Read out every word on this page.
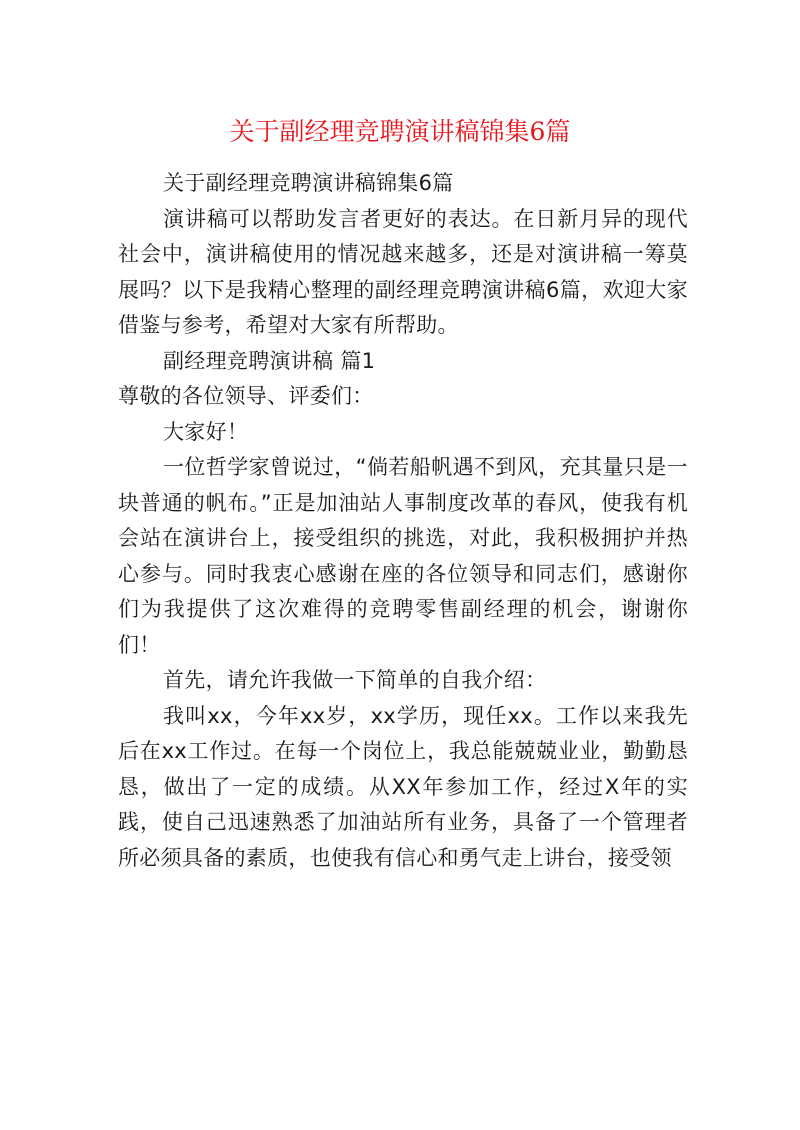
关于副经理竞聘演讲稿锦集6篇

关于副经理竞聘演讲稿锦集6篇

演讲稿可以帮助发言者更好的表达。在日新月异的现代社会中，演讲稿使用的情况越来越多，还是对演讲稿一筹莫展吗？以下是我精心整理的副经理竞聘演讲稿6篇，欢迎大家借鉴与参考，希望对大家有所帮助。

副经理竞聘演讲稿 篇1

尊敬的各位领导、评委们：

大家好！

一位哲学家曾说过，“倘若船帆遇不到风，充其量只是一块普通的帆布。”正是加油站人事制度改革的春风，使我有机会站在演讲台上，接受组织的挑选，对此，我积极拥护并热心参与。同时我衷心感谢在座的各位领导和同志们，感谢你们为我提供了这次难得的竞聘零售副经理的机会，谢谢你们！

首先，请允许我做一下简单的自我介绍：

我叫xx，今年xx岁，xx学历，现任xx。工作以来我先后在xx工作过。在每一个岗位上，我总能兢兢业业，勤勤恳恳，做出了一定的成绩。从XX年参加工作，经过X年的实践，使自己迅速熟悉了加油站所有业务，具备了一个管理者所必须具备的素质，也使我有信心和勇气走上讲台，接受领
